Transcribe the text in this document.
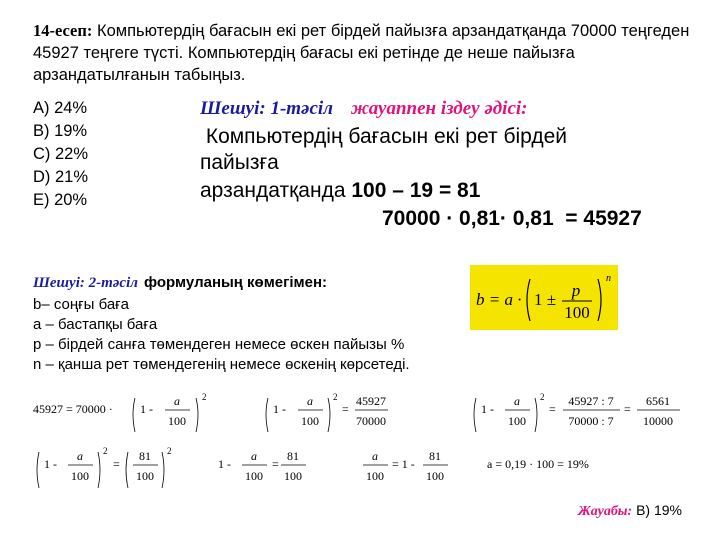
14-есеп: Компьютердің бағасын екі рет бірдей пайызға арзандатқанда 70000 теңгеден 45927 теңгеге түсті. Компьютердің бағасы екі ретінде де неше пайызға арзандатылғанын табыңыз.
А) 24%
В) 19%
С) 22%
D) 21%
Е) 20%
Шешуі: 1-тәсіл жауаппен іздеу әдісі:
Компьютердің бағасын екі рет бірдей
пайызға
арзандатқанда 100 – 19 = 81
70000 · 0,81· 0,81  = 45927
Шешуі: 2-тәсіл формуланың көмегімен:
b– соңғы баға
а – бастапқы баға
р – бірдей санға төмендеген немесе өскен пайызы %
n – қанша рет төмендегенің немесе өскенің көрсетеді.
b = a · 1 ± p
100
n
45927 = 70000 · 1 -
a
100
2
1 -
a
100
2
=
45927
70000
1 -
a
100
2
=
45927 : 7
70000 : 7
=
6561
10000
1 -
a
100
2
=
81
100
2
1 -
a
100
=
81
100
a
100
= 1 -
81
100
a = 0,19 · 100 = 19%
Жауабы: В) 19%
